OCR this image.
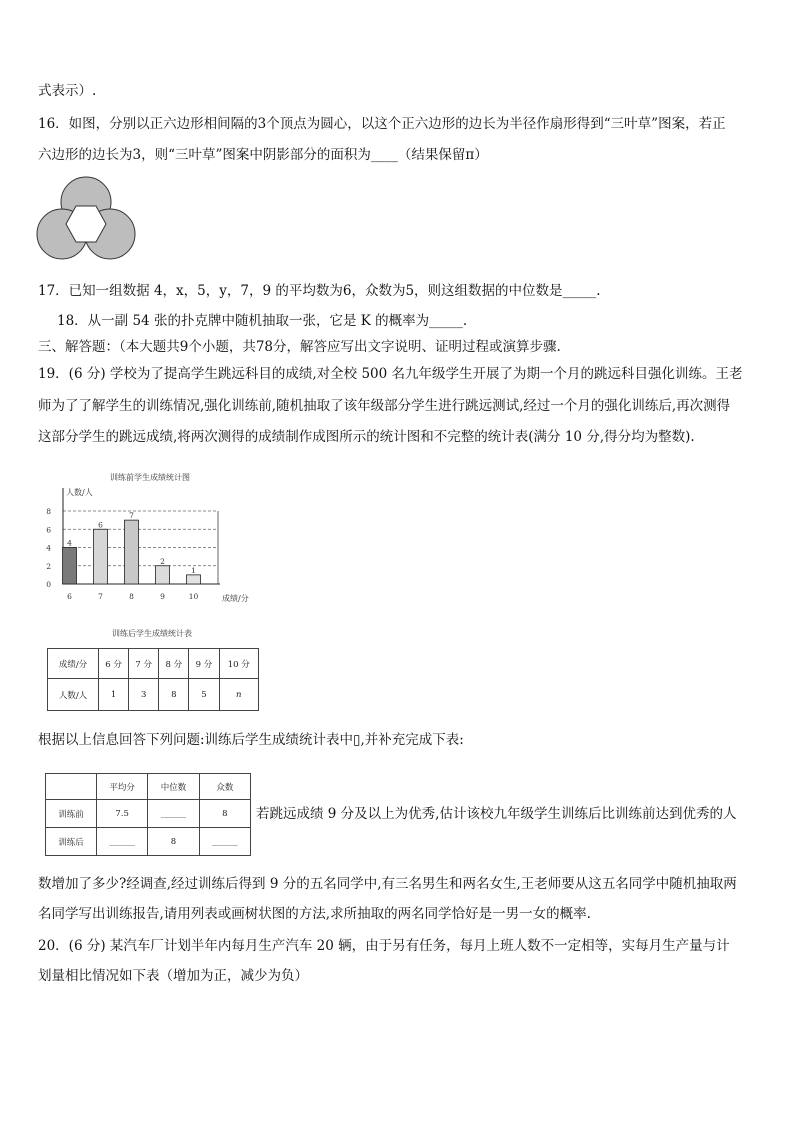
式表示）.
16．如图，分别以正六边形相间隔的3个顶点为圆心，以这个正六边形的边长为半径作扇形得到“三叶草”图案，若正
六边形的边长为3，则“三叶草”图案中阴影部分的面积为____（结果保留π）
17．已知一组数据 4，x，5，y，7，9 的平均数为6，众数为5，则这组数据的中位数是_____.
18．从一副 54 张的扑克牌中随机抽取一张，它是 K 的概率为_____.
三、解答题：（本大题共9个小题，共78分，解答应写出文字说明、证明过程或演算步骤.
19．(6 分) 学校为了提高学生跳远科目的成绩,对全校 500 名九年级学生开展了为期一个月的跳远科目强化训练。王老
师为了了解学生的训练情况,强化训练前,随机抽取了该年级部分学生进行跳远测试,经过一个月的强化训练后,再次测得
这部分学生的跳远成绩,将两次测得的成绩制作成图所示的统计图和不完整的统计表(满分 10 分,得分均为整数).
训练前学生成绩统计图
人数/人
成绩/分
0
2
4
6
8
4
6
6
7
7
8
2
9
1
10
训练后学生成绩统计表
成绩/分	6 分	7 分	8 分	9 分	10 分
人数/人	1	3	8	5	n
根据以上信息回答下列问题:训练后学生成绩统计表中▯,并补充完成下表:
	平均分	中位数	众数
训练前	7.5	______	8
训练后	______	8	______
若跳远成绩 9 分及以上为优秀,估计该校九年级学生训练后比训练前达到优秀的人
数增加了多少?经调查,经过训练后得到 9 分的五名同学中,有三名男生和两名女生,王老师要从这五名同学中随机抽取两
名同学写出训练报告,请用列表或画树状图的方法,求所抽取的两名同学恰好是一男一女的概率.
20．(6 分) 某汽车厂计划半年内每月生产汽车 20 辆，由于另有任务，每月上班人数不一定相等，实每月生产量与计
划量相比情况如下表（增加为正，减少为负）
